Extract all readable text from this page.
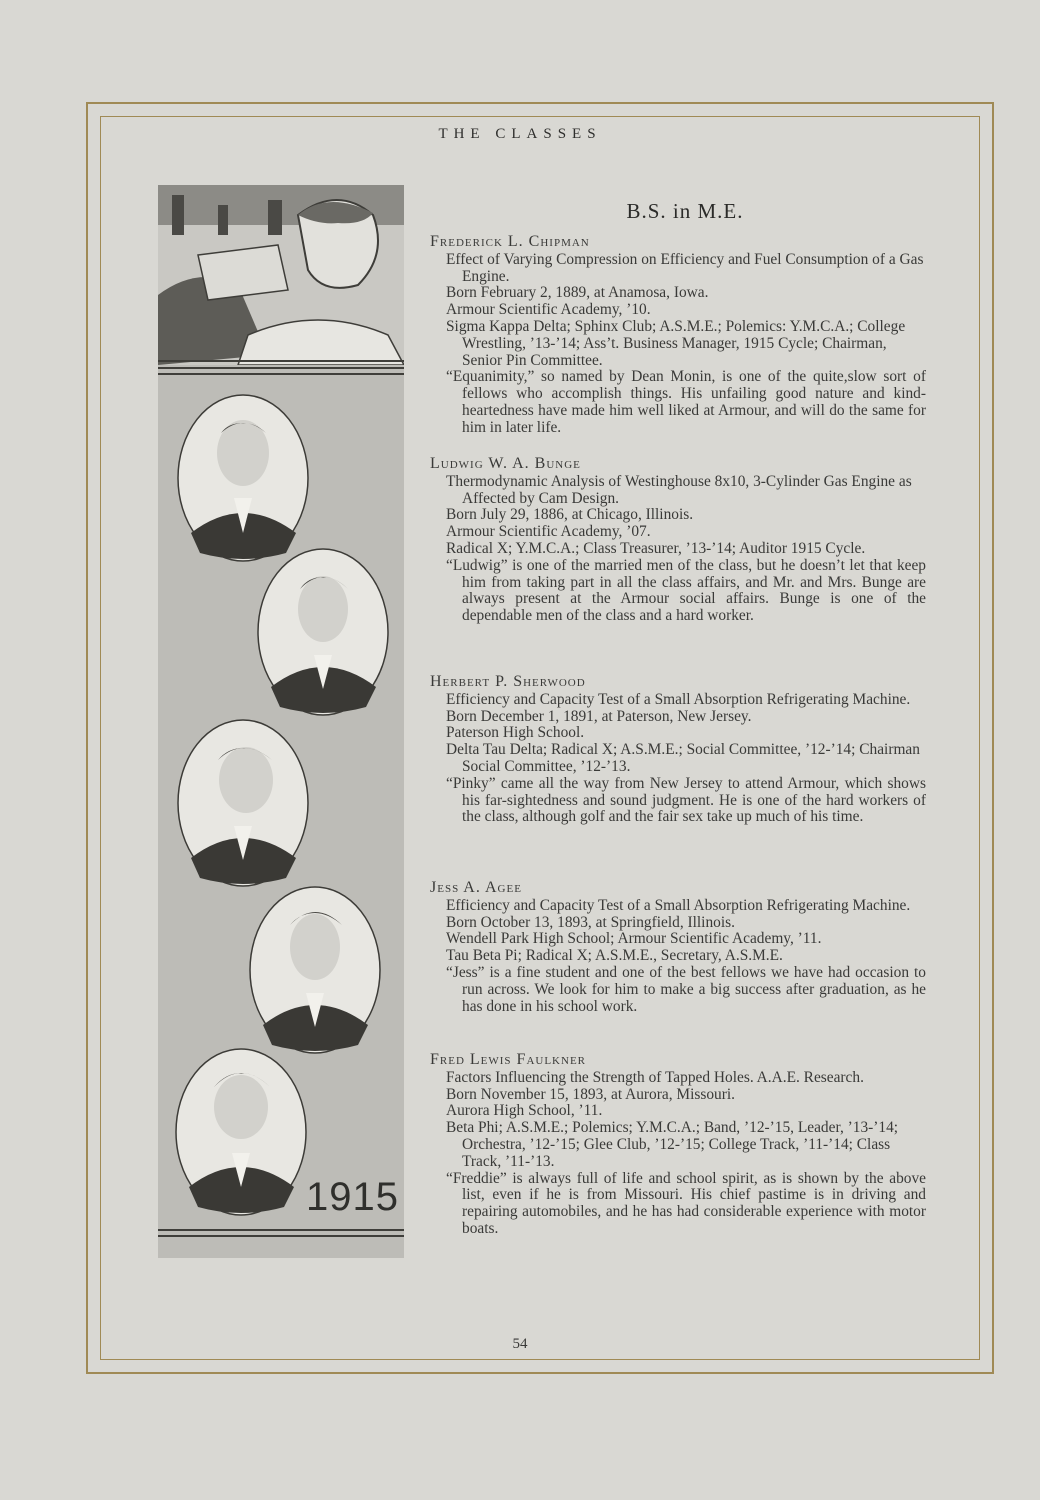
THE CLASSES
1915
B.S. in M.E.
Frederick L. Chipman
Effect of Varying Compression on Efficiency and Fuel Consumption of a Gas Engine.
Born February 2, 1889, at Anamosa, Iowa.
Armour Scientific Academy, ’10.
Sigma Kappa Delta; Sphinx Club; A.S.M.E.; Polemics: Y.M.C.A.; College Wrestling, ’13-’14; Ass’t. Business Manager, 1915 Cycle; Chairman, Senior Pin Committee.
“Equanimity,” so named by Dean Monin, is one of the quite,slow sort of fellows who accomplish things. His unfailing good nature and kind-heartedness have made him well liked at Armour, and will do the same for him in later life.
Ludwig W. A. Bunge
Thermodynamic Analysis of Westinghouse 8x10, 3-Cylinder Gas Engine as Affected by Cam Design.
Born July 29, 1886, at Chicago, Illinois.
Armour Scientific Academy, ’07.
Radical X; Y.M.C.A.; Class Treasurer, ’13-’14; Auditor 1915 Cycle.
“Ludwig” is one of the married men of the class, but he doesn’t let that keep him from taking part in all the class affairs, and Mr. and Mrs. Bunge are always present at the Armour social affairs. Bunge is one of the dependable men of the class and a hard worker.
Herbert P. Sherwood
Efficiency and Capacity Test of a Small Absorption Refrigerating Machine.
Born December 1, 1891, at Paterson, New Jersey.
Paterson High School.
Delta Tau Delta; Radical X; A.S.M.E.; Social Committee, ’12-’14; Chairman Social Committee, ’12-’13.
“Pinky” came all the way from New Jersey to attend Armour, which shows his far-sightedness and sound judgment. He is one of the hard workers of the class, although golf and the fair sex take up much of his time.
Jess A. Agee
Efficiency and Capacity Test of a Small Absorption Refrigerating Machine.
Born October 13, 1893, at Springfield, Illinois.
Wendell Park High School; Armour Scientific Academy, ’11.
Tau Beta Pi; Radical X; A.S.M.E., Secretary, A.S.M.E.
“Jess” is a fine student and one of the best fellows we have had occasion to run across. We look for him to make a big success after graduation, as he has done in his school work.
Fred Lewis Faulkner
Factors Influencing the Strength of Tapped Holes. A.A.E. Research.
Born November 15, 1893, at Aurora, Missouri.
Aurora High School, ’11.
Beta Phi; A.S.M.E.; Polemics; Y.M.C.A.; Band, ’12-’15, Leader, ’13-’14; Orchestra, ’12-’15; Glee Club, ’12-’15; College Track, ’11-’14; Class Track, ’11-’13.
“Freddie” is always full of life and school spirit, as is shown by the above list, even if he is from Missouri. His chief pastime is in driving and repairing automobiles, and he has had considerable experience with motor boats.
54
